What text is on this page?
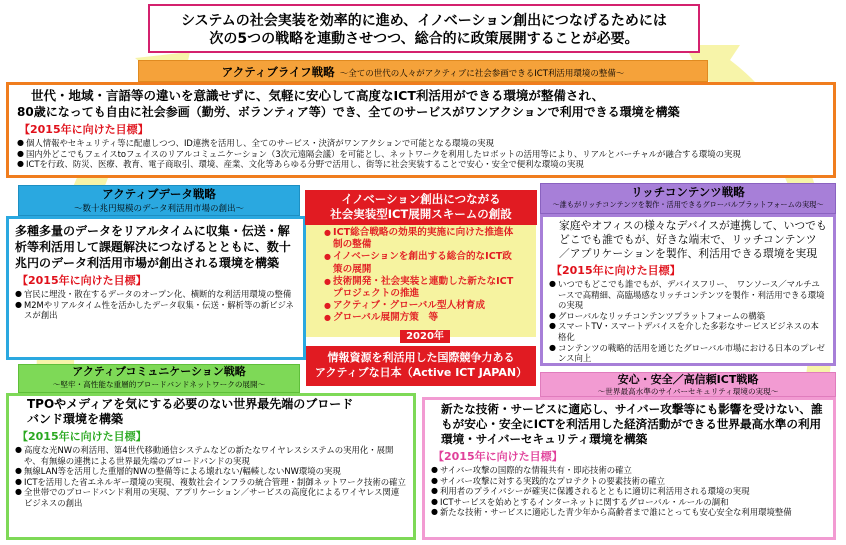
システムの社会実装を効率的に進め、イノベーション創出につなげるためには
次の5つの戦略を連動させつつ、総合的に政策展開することが必要。
アクティブライフ戦略 ～全ての世代の人々がアクティブに社会参画できるICT利活用環境の整備～
世代・地域・言語等の違いを意識せずに、気軽に安心して高度なICT利活用ができる環境が整備され、
80歳になっても自由に社会参画（勤労、ボランティア等）でき、全てのサービスがワンアクションで利用できる環境を構築
【2015年に向けた目標】
● 個人情報やセキュリティ等に配慮しつつ、ID連携を活用し、全てのサービス・決済がワンアクションで可能となる環境の実現
● 国内外どこでもフェイスtoフェイスのリアルコミュニケーション（3次元遠隔会議）を可能とし、ネットワークを利用したロボットの活用等により、リアルとバーチャルが融合する環境の実現
● ICTを行政、防災、医療、教育、電子商取引、環境、産業、文化等あらゆる分野で活用し、街等に社会実装することで安心・安全で便利な環境の実現
アクティブデータ戦略
～数十兆円規模のデータ利活用市場の創出～
多種多量のデータをリアルタイムに収集・伝送・解析等利活用して課題解決につなげるとともに、数十兆円のデータ利活用市場が創出される環境を構築
【2015年に向けた目標】
● 官民に埋没・散在するデータのオープン化、横断的な利活用環境の整備
● M2Mやリアルタイム性を活かしたデータ収集・伝送・解析等の新ビジネスが創出
リッチコンテンツ戦略
～誰もがリッチコンテンツを製作・活用できるグローバルプラットフォームの実現～
家庭やオフィスの様々なデバイスが連携して、いつでもどこでも誰でもが、好きな端末で、リッチコンテンツ／アプリケーションを製作、利活用できる環境を実現
【2015年に向けた目標】
● いつでもどこでも誰でもが、デバイスフリー、　ワンソース／マルチユースで高精細、高臨場感なリッチコンテンツを製作・利活用できる環境の実現
● グローバルなリッチコンテンツプラットフォームの構築
● スマートTV・スマートデバイスを介した多彩なサービスビジネスの本格化
● コンテンツの戦略的活用を通じたグローバル市場における日本のプレゼンス向上
イノベーション創出につながる
社会実装型ICT展開スキームの創設
● ICT総合戦略の効果的実施に向けた推進体制の整備
● イノベーションを創出する総合的なICT政策の展開
● 技術開発・社会実装と連動した新たなICTプロジェクトの推進
● アクティブ・グローバル型人材育成
● グローバル展開方策　等
2020年
情報資源を利活用した国際競争力ある
アクティブな日本（Active ICT JAPAN）
アクティブコミュニケーション戦略
～堅牢・高性能な重層的ブロードバンドネットワークの展開～
TPOやメディアを気にする必要のない世界最先端のブロードバンド環境を構築
【2015年に向けた目標】
● 高度な光NWの利活用、第4世代移動通信システムなどの新たなワイヤレスシステムの実用化・展開や、有無線の連携による世界最先端のブロードバンドの実現
● 無線LAN等を活用した重層的NWの整備等による壊れない/輻輳しないNW環境の実現
● ICTを活用した省エネルギー環境の実現、複数社会インフラの統合管理・制御ネットワーク技術の確立
● 全世帯でのブロードバンド利用の実現、アプリケーション／サービスの高度化によるワイヤレス関連ビジネスの創出
安心・安全／高信頼ICT戦略
～世界最高水準のサイバーセキュリティ環境の実現～
新たな技術・サービスに適応し、サイバー攻撃等にも影響を受けない、誰もが安心・安全にICTを利活用した経済活動ができる世界最高水準の利用環境・サイバーセキュリティ環境を構築
【2015年に向けた目標】
● サイバー攻撃の国際的な情報共有・即応技術の確立
● サイバー攻撃に対する実践的なプロテクトの要素技術の確立
● 利用者のプライバシーが確実に保護されるとともに適切に利活用される環境の実現
● ICTサービスを始めとするインターネットに関するグローバル・ルールの調和
● 新たな技術・サービスに適応した青少年から高齢者まで誰にとっても安心安全な利用環境整備
